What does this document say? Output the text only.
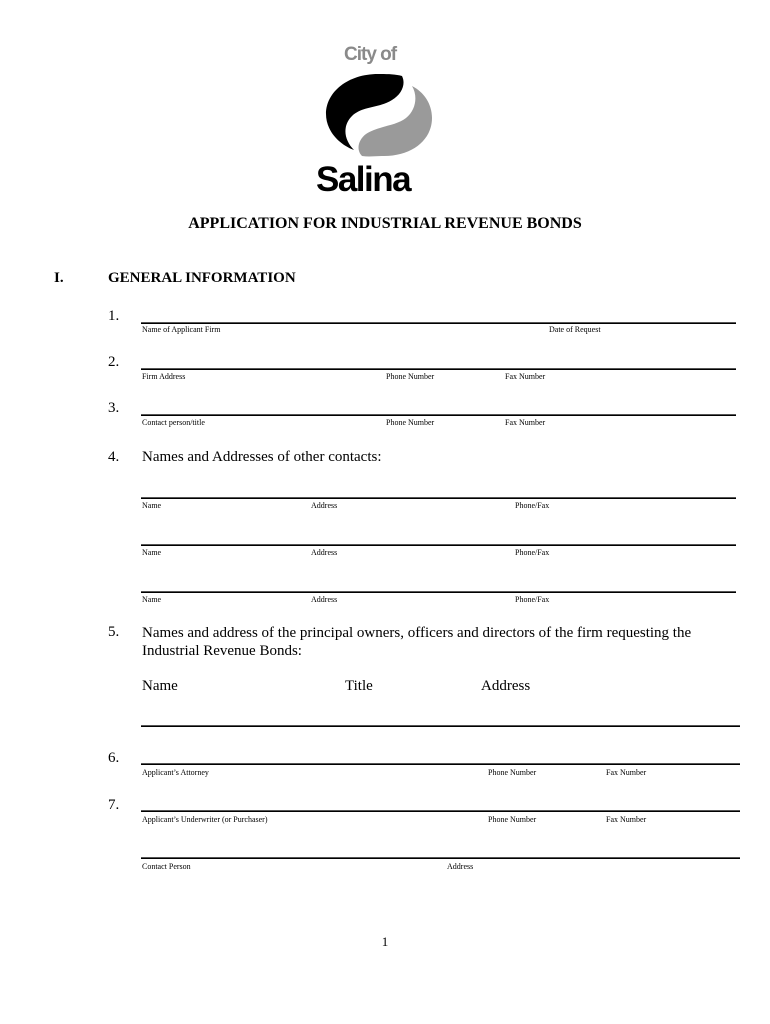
City of
Salina
APPLICATION FOR INDUSTRIAL REVENUE BONDS
I.	GENERAL INFORMATION
1.
Name of Applicant Firm	Date of Request
2.
Firm Address	Phone Number	Fax Number
3.
Contact person/title	Phone Number	Fax Number
4. Names and Addresses of other contacts:
Name	Address	Phone/Fax
Name	Address	Phone/Fax
Name	Address	Phone/Fax
5. Names and address of the principal owners, officers and directors of the firm requesting the
Industrial Revenue Bonds:
Name	Title	Address
6.
Applicant’s Attorney	Phone Number	Fax Number
7.
Applicant’s Underwriter (or Purchaser)	Phone Number	Fax Number
Contact Person	Address
1
